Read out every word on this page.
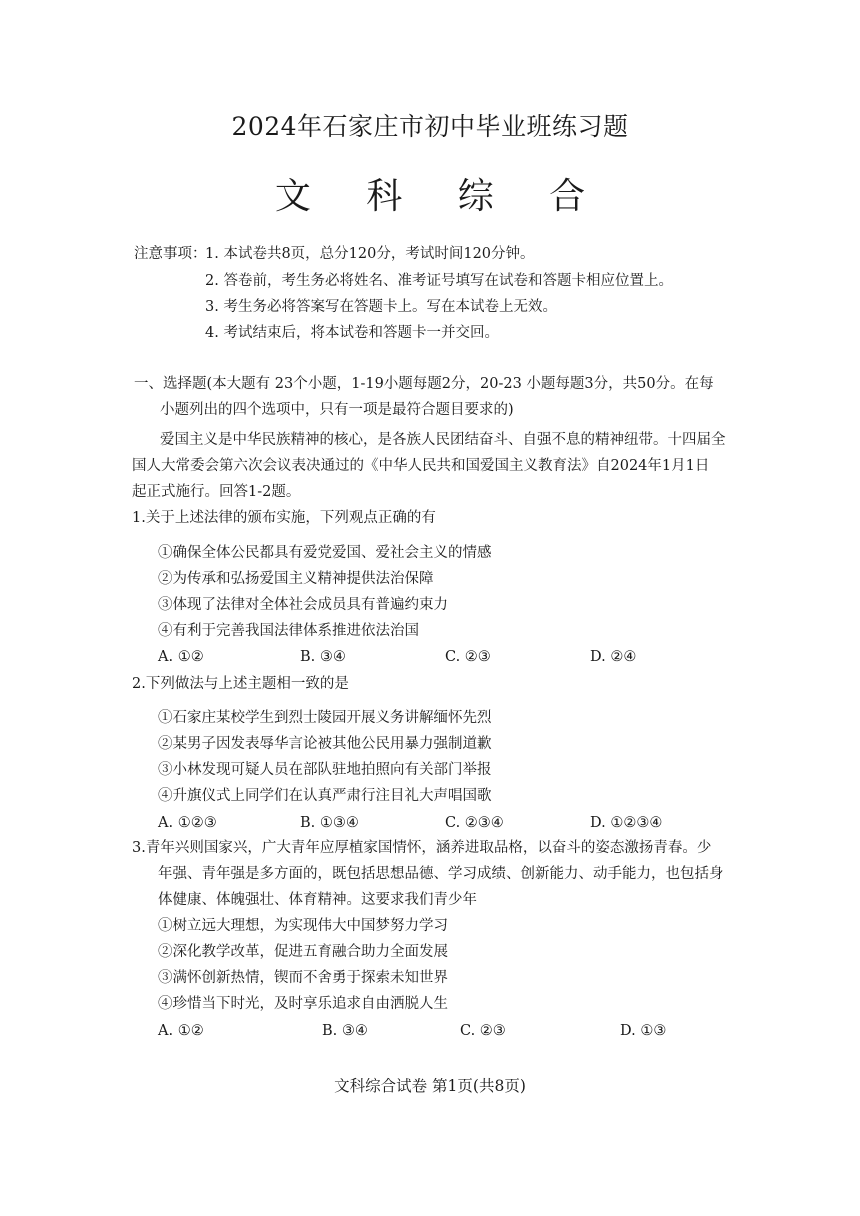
2024年石家庄市初中毕业班练习题
文 科 综 合
注意事项：
1. 本试卷共8页，总分120分，考试时间120分钟。
2. 答卷前，考生务必将姓名、准考证号填写在试卷和答题卡相应位置上。
3. 考生务必将答案写在答题卡上。写在本试卷上无效。
4. 考试结束后，将本试卷和答题卡一并交回。
一、选择题(本大题有 23个小题，1-19小题每题2分，20-23 小题每题3分，共50分。在每
小题列出的四个选项中，只有一项是最符合题目要求的)
爱国主义是中华民族精神的核心，是各族人民团结奋斗、自强不息的精神纽带。十四届全
国人大常委会第六次会议表决通过的《中华人民共和国爱国主义教育法》自2024年1月1日
起正式施行。回答1-2题。
1.关于上述法律的颁布实施，下列观点正确的有
①确保全体公民都具有爱党爱国、爱社会主义的情感
②为传承和弘扬爱国主义精神提供法治保障
③体现了法律对全体社会成员具有普遍约束力
④有利于完善我国法律体系推进依法治国
A. ①②	B. ③④	C. ②③	D. ②④
2.下列做法与上述主题相一致的是
①石家庄某校学生到烈士陵园开展义务讲解缅怀先烈
②某男子因发表辱华言论被其他公民用暴力强制道歉
③小林发现可疑人员在部队驻地拍照向有关部门举报
④升旗仪式上同学们在认真严肃行注目礼大声唱国歌
A. ①②③	B. ①③④	C. ②③④	D. ①②③④
3.青年兴则国家兴，广大青年应厚植家国情怀，涵养进取品格，以奋斗的姿态激扬青春。少
年强、青年强是多方面的，既包括思想品德、学习成绩、创新能力、动手能力，也包括身
体健康、体魄强壮、体育精神。这要求我们青少年
①树立远大理想，为实现伟大中国梦努力学习
②深化教学改革，促进五育融合助力全面发展
③满怀创新热情，锲而不舍勇于探索未知世界
④珍惜当下时光，及时享乐追求自由洒脱人生
A. ①②	B. ③④	C. ②③	D. ①③
文科综合试卷 第1页(共8页)
